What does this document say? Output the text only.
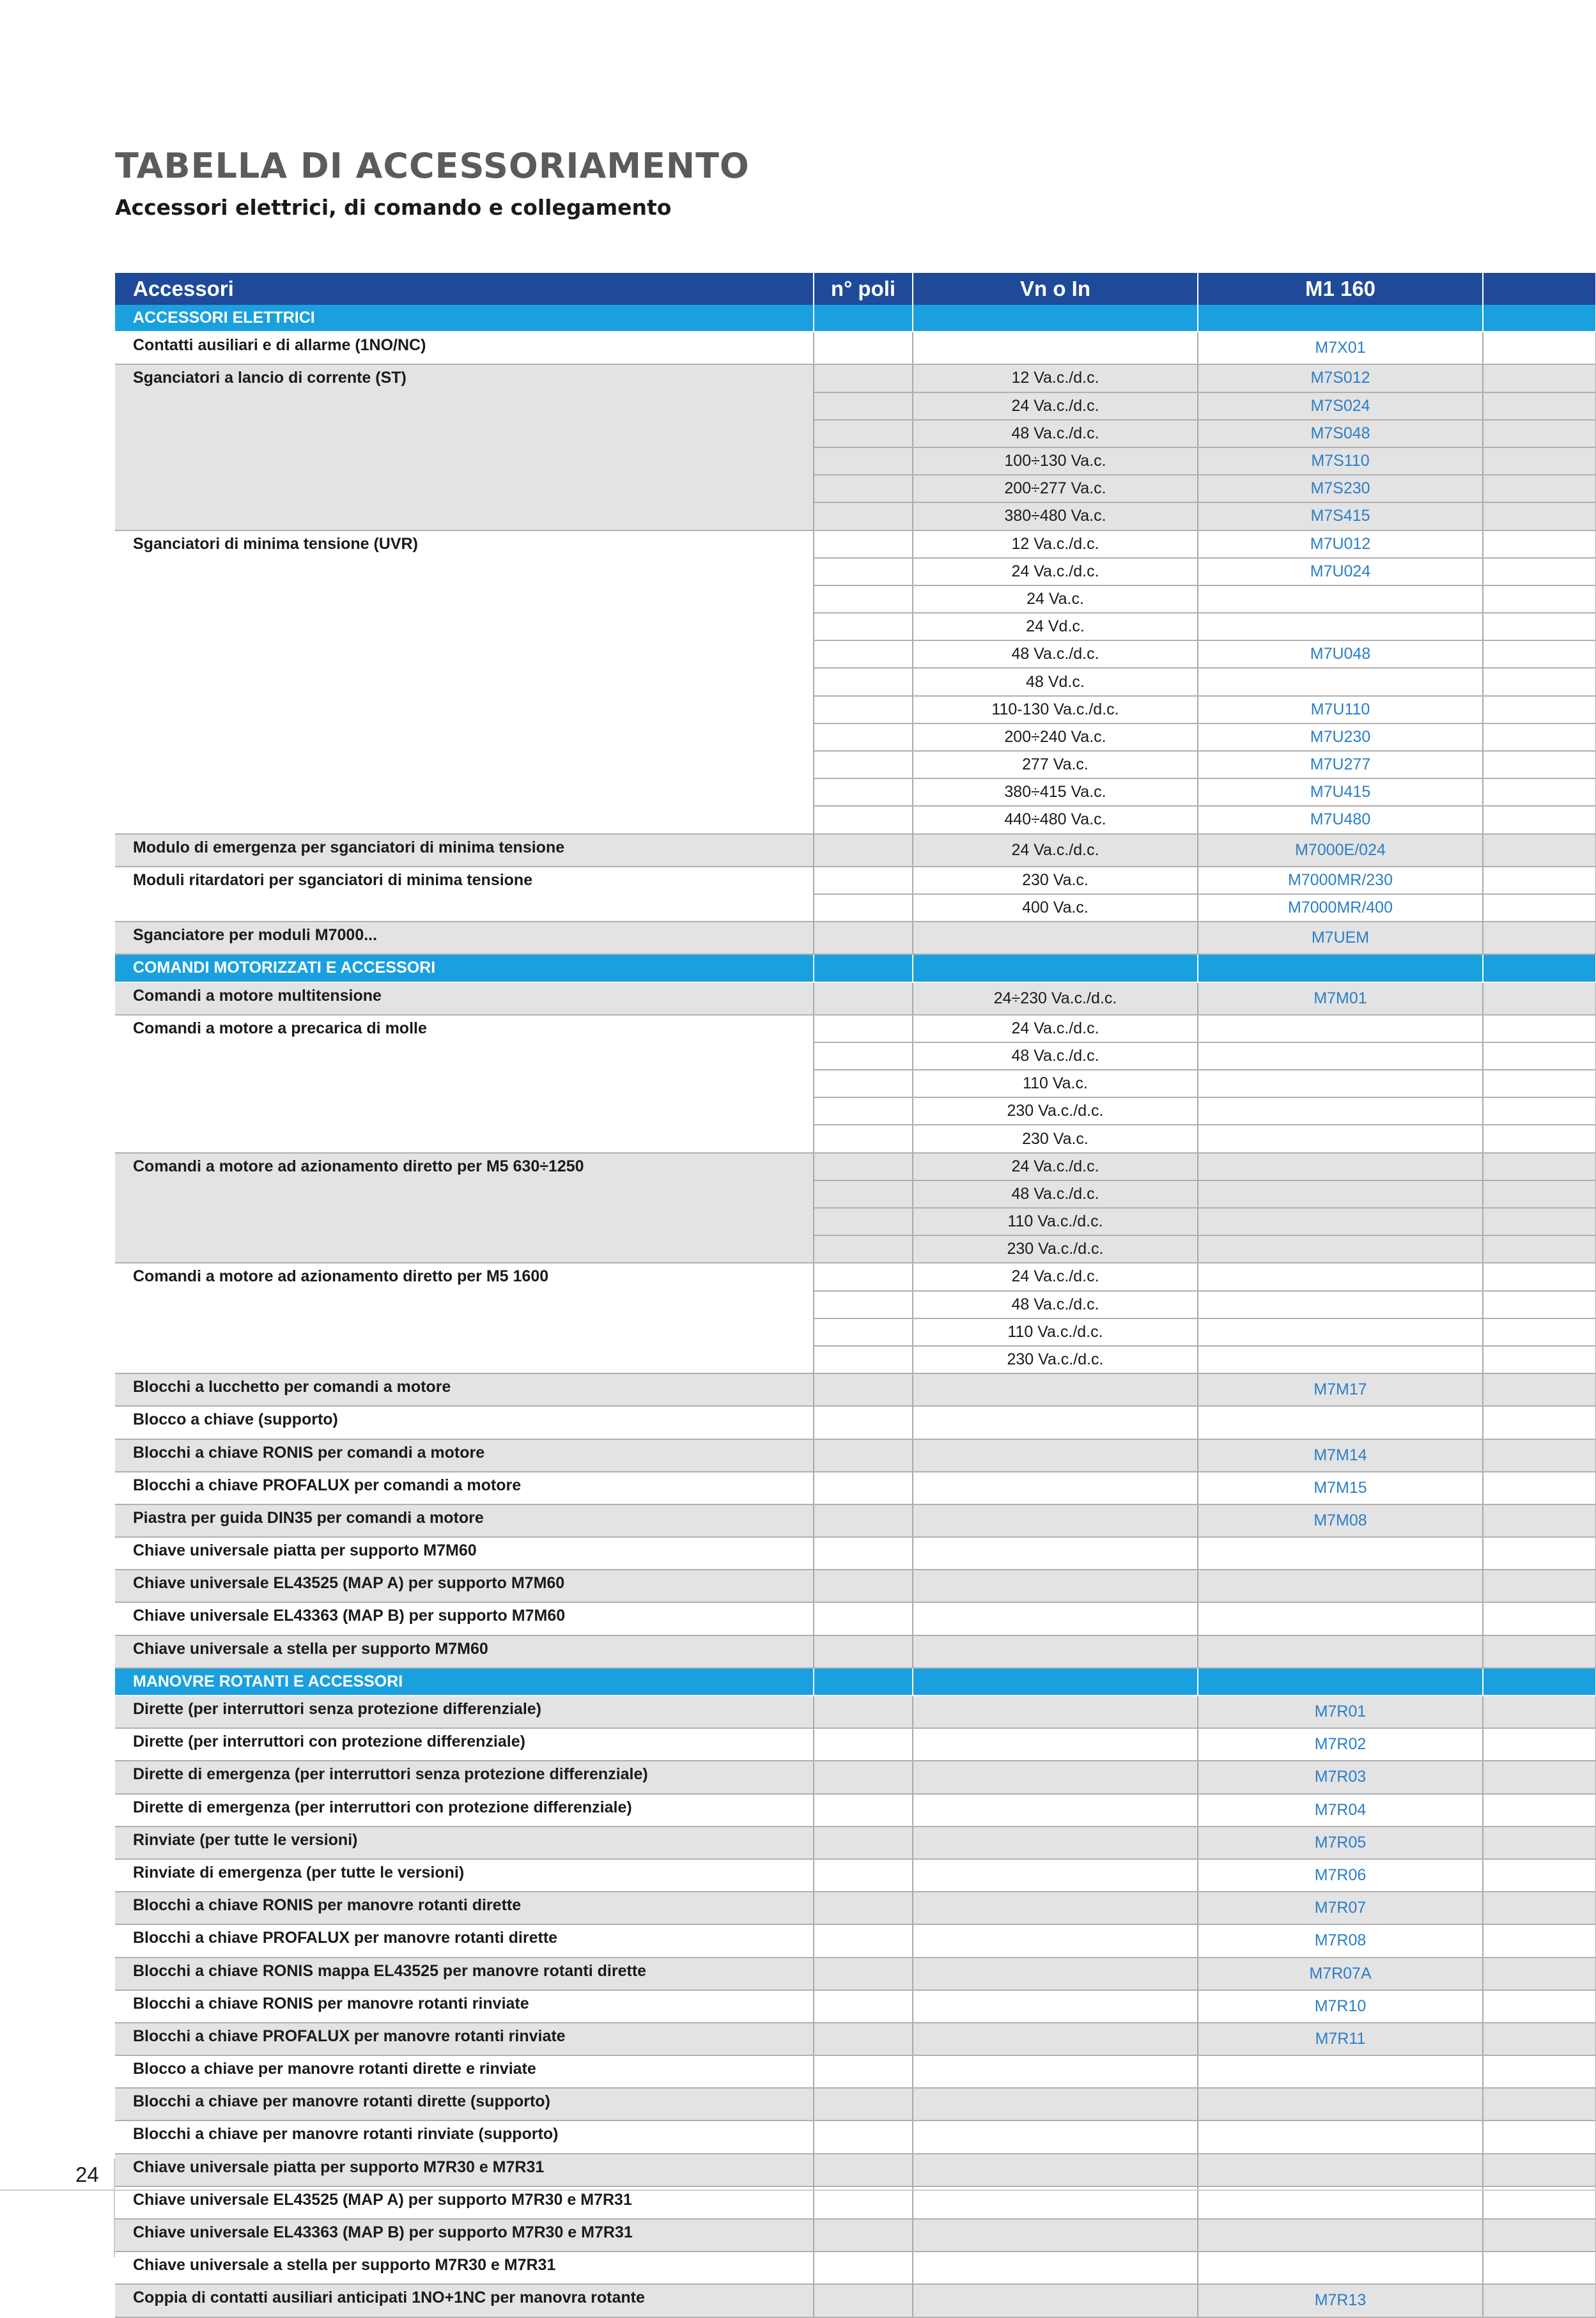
TABELLA DI ACCESSORIAMENTO
Accessori elettrici, di comando e collegamento
Accessori	n° poli	Vn o In	M1 160	
ACCESSORI ELETTRICI				
Contatti ausiliari e di allarme (1NO/NC)			M7X01	
Sganciatori a lancio di corrente (ST)		12 Va.c./d.c.	M7S012	
		24 Va.c./d.c.	M7S024	
		48 Va.c./d.c.	M7S048	
		100÷130 Va.c.	M7S110	
		200÷277 Va.c.	M7S230	
		380÷480 Va.c.	M7S415	
Sganciatori di minima tensione (UVR)		12 Va.c./d.c.	M7U012	
		24 Va.c./d.c.	M7U024	
		24 Va.c.		
		24 Vd.c.		
		48 Va.c./d.c.	M7U048	
		48 Vd.c.		
		110-130 Va.c./d.c.	M7U110	
		200÷240 Va.c.	M7U230	
		277 Va.c.	M7U277	
		380÷415 Va.c.	M7U415	
		440÷480 Va.c.	M7U480	
Modulo di emergenza per sganciatori di minima tensione		24 Va.c./d.c.	M7000E/024	
Moduli ritardatori per sganciatori di minima tensione		230 Va.c.	M7000MR/230	
		400 Va.c.	M7000MR/400	
Sganciatore per moduli M7000...			M7UEM	
COMANDI MOTORIZZATI E ACCESSORI				
Comandi a motore multitensione		24÷230 Va.c./d.c.	M7M01	
Comandi a motore a precarica di molle		24 Va.c./d.c.		
		48 Va.c./d.c.		
		110 Va.c.		
		230 Va.c./d.c.		
		230 Va.c.		
Comandi a motore ad azionamento diretto per M5 630÷1250		24 Va.c./d.c.		
		48 Va.c./d.c.		
		110 Va.c./d.c.		
		230 Va.c./d.c.		
Comandi a motore ad azionamento diretto per M5 1600		24 Va.c./d.c.		
		48 Va.c./d.c.		
		110 Va.c./d.c.		
		230 Va.c./d.c.		
Blocchi a lucchetto per comandi a motore			M7M17	
Blocco a chiave (supporto)				
Blocchi a chiave RONIS per comandi a motore			M7M14	
Blocchi a chiave PROFALUX per comandi a motore			M7M15	
Piastra per guida DIN35 per comandi a motore			M7M08	
Chiave universale piatta per supporto M7M60				
Chiave universale EL43525 (MAP A) per supporto M7M60				
Chiave universale EL43363 (MAP B) per supporto M7M60				
Chiave universale a stella per supporto M7M60				
MANOVRE ROTANTI E ACCESSORI				
Dirette (per interruttori senza protezione differenziale)			M7R01	
Dirette (per interruttori con protezione differenziale)			M7R02	
Dirette di emergenza (per interruttori senza protezione differenziale)			M7R03	
Dirette di emergenza (per interruttori con protezione differenziale)			M7R04	
Rinviate (per tutte le versioni)			M7R05	
Rinviate di emergenza (per tutte le versioni)			M7R06	
Blocchi a chiave RONIS per manovre rotanti dirette			M7R07	
Blocchi a chiave PROFALUX per manovre rotanti dirette			M7R08	
Blocchi a chiave RONIS mappa EL43525 per manovre rotanti dirette			M7R07A	
Blocchi a chiave RONIS per manovre rotanti rinviate			M7R10	
Blocchi a chiave PROFALUX per manovre rotanti rinviate			M7R11	
Blocco a chiave per manovre rotanti dirette e rinviate				
Blocchi a chiave per manovre rotanti dirette (supporto)				
Blocchi a chiave per manovre rotanti rinviate (supporto)				
Chiave universale piatta per supporto M7R30 e M7R31				
Chiave universale EL43525 (MAP A) per supporto M7R30 e M7R31				
Chiave universale EL43363 (MAP B) per supporto M7R30 e M7R31				
Chiave universale a stella per supporto M7R30 e M7R31				
Coppia di contatti ausiliari anticipati 1NO+1NC per manovra rotante			M7R13	
24
